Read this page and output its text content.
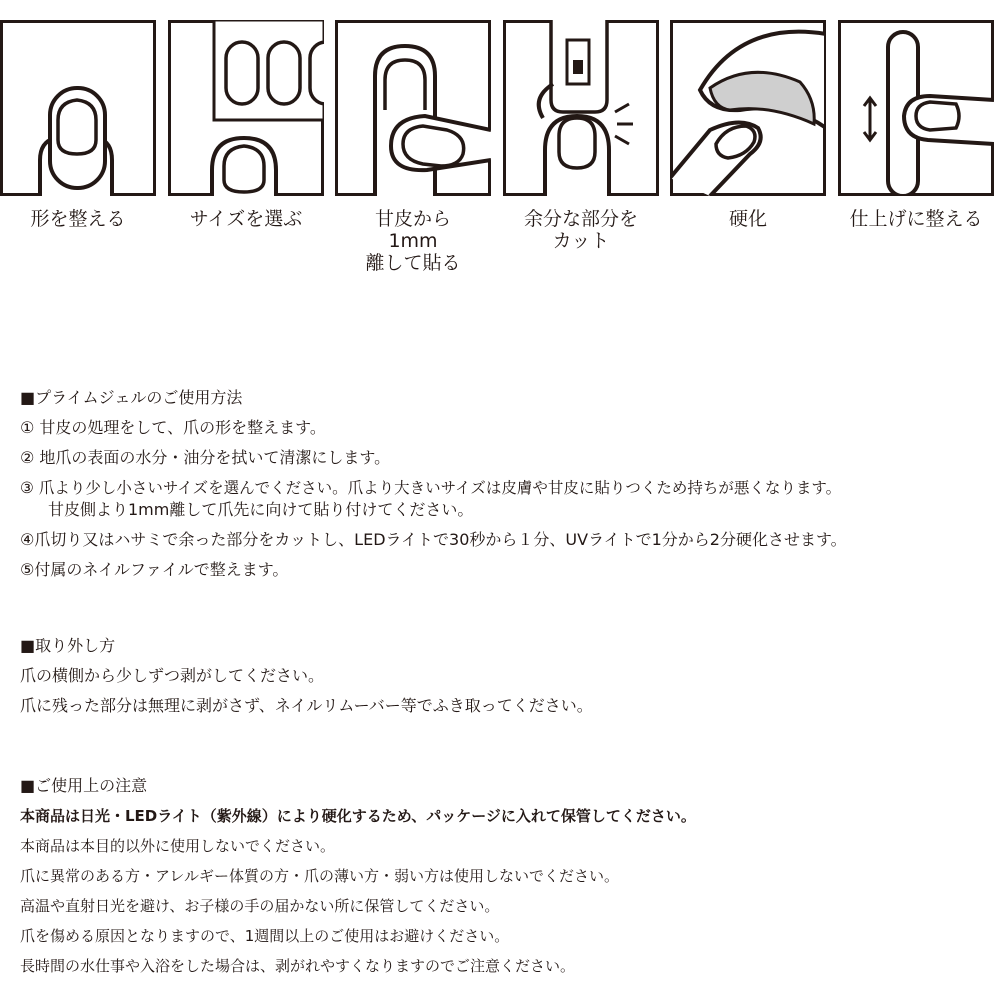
形を整える	サイズを選ぶ	甘皮から
1mm
離して貼る
余分な部分を
カット
硬化	仕上げに整える
■プライムジェルのご使用方法
① 甘皮の処理をして、爪の形を整えます。
② 地爪の表面の水分・油分を拭いて清潔にします。
③ 爪より少し小さいサイズを選んでください。爪より大きいサイズは皮膚や甘皮に貼りつくため持ちが悪くなります。
甘皮側より1mm離して爪先に向けて貼り付けてください。
④爪切り又はハサミで余った部分をカットし、LEDライトで30秒から１分、UVライトで1分から2分硬化させます。
⑤付属のネイルファイルで整えます。
■取り外し方
爪の横側から少しずつ剥がしてください。
爪に残った部分は無理に剥がさず、ネイルリムーバー等でふき取ってください。
■ご使用上の注意
本商品は日光・LEDライト（紫外線）により硬化するため、パッケージに入れて保管してください。
本商品は本目的以外に使用しないでください。
爪に異常のある方・アレルギー体質の方・爪の薄い方・弱い方は使用しないでください。
高温や直射日光を避け、お子様の手の届かない所に保管してください。
爪を傷める原因となりますので、1週間以上のご使用はお避けください。
長時間の水仕事や入浴をした場合は、剥がれやすくなりますのでご注意ください。
